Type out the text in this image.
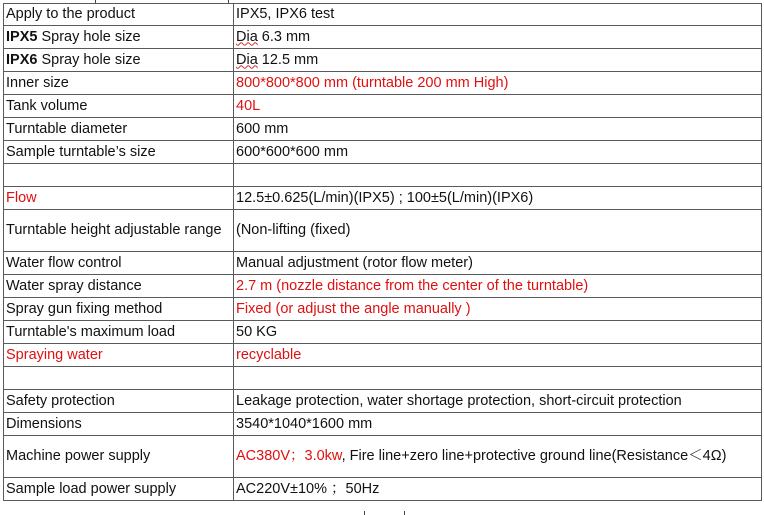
Apply to the product	IPX5, IPX6 test
IPX5 Spray hole size	Dia 6.3 mm
IPX6 Spray hole size	Dia 12.5 mm
Inner size	800*800*800 mm (turntable 200 mm High)
Tank volume	40L
Turntable diameter	600 mm
Sample turntable’s size	600*600*600 mm

Flow	12.5±0.625(L/min)(IPX5) ; 100±5(L/min)(IPX6)
Turntable height adjustable range	(Non-lifting (fixed)
Water flow control	Manual adjustment (rotor flow meter)
Water spray distance	2.7 m (nozzle distance from the center of the turntable)
Spray gun fixing method	Fixed (or adjust the angle manually )
Turntable's maximum load	50 KG
Spraying water	recyclable

Safety protection	Leakage protection, water shortage protection, short-circuit protection
Dimensions	3540*1040*1600 mm
Machine power supply	AC380V；3.0kw, Fire line+zero line+protective ground line(Resistance＜4Ω)
Sample load power supply	AC220V±10% ；50Hz
